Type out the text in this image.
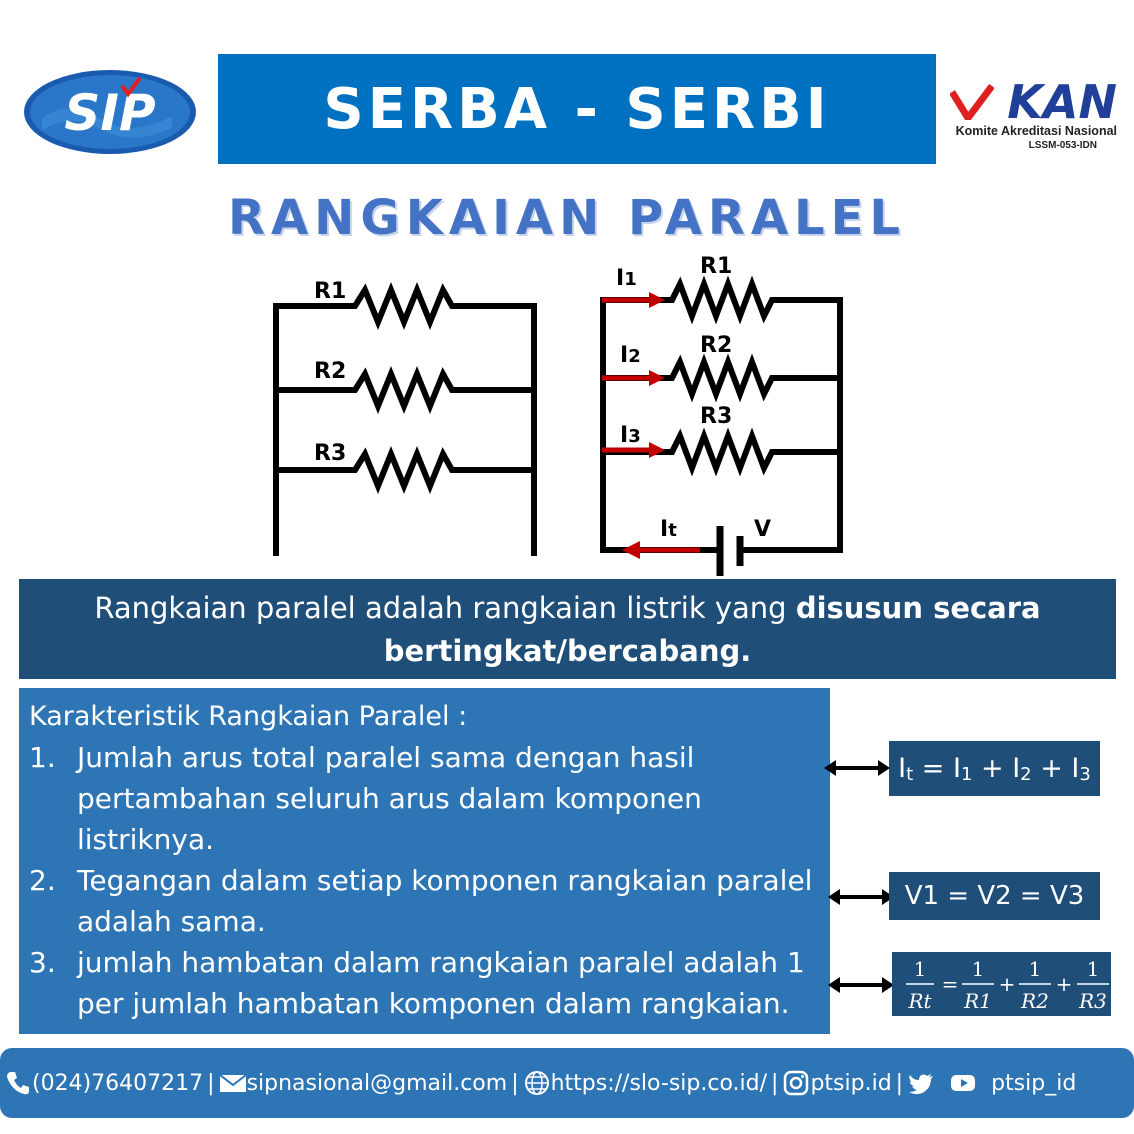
SIP	SERBA - SERBI	KAN
Komite Akreditasi Nasional
LSSM-053-IDN
RANGKAIAN PARALEL
R1
R2
R3
R1
R2
R3
I1
I2
I3
It	V
Rangkaian paralel adalah rangkaian listrik yang disusun secara bertingkat/bercabang.
Karakteristik Rangkaian Paralel :
1. Jumlah arus total paralel sama dengan hasil pertambahan seluruh arus dalam komponen listriknya.
2. Tegangan dalam setiap komponen rangkaian paralel adalah sama.
3. jumlah hambatan dalam rangkaian paralel adalah 1 per jumlah hambatan komponen dalam rangkaian.
$I_t = I_1 + I_2 + I_3$
V1 = V2 = V3
1
Rt
=
1
R1
+
1
R2
+
1
R3
(024)76407217 | sipnasional@gmail.com | https://slo-sip.co.id/ | ptsip.id |	ptsip_id
